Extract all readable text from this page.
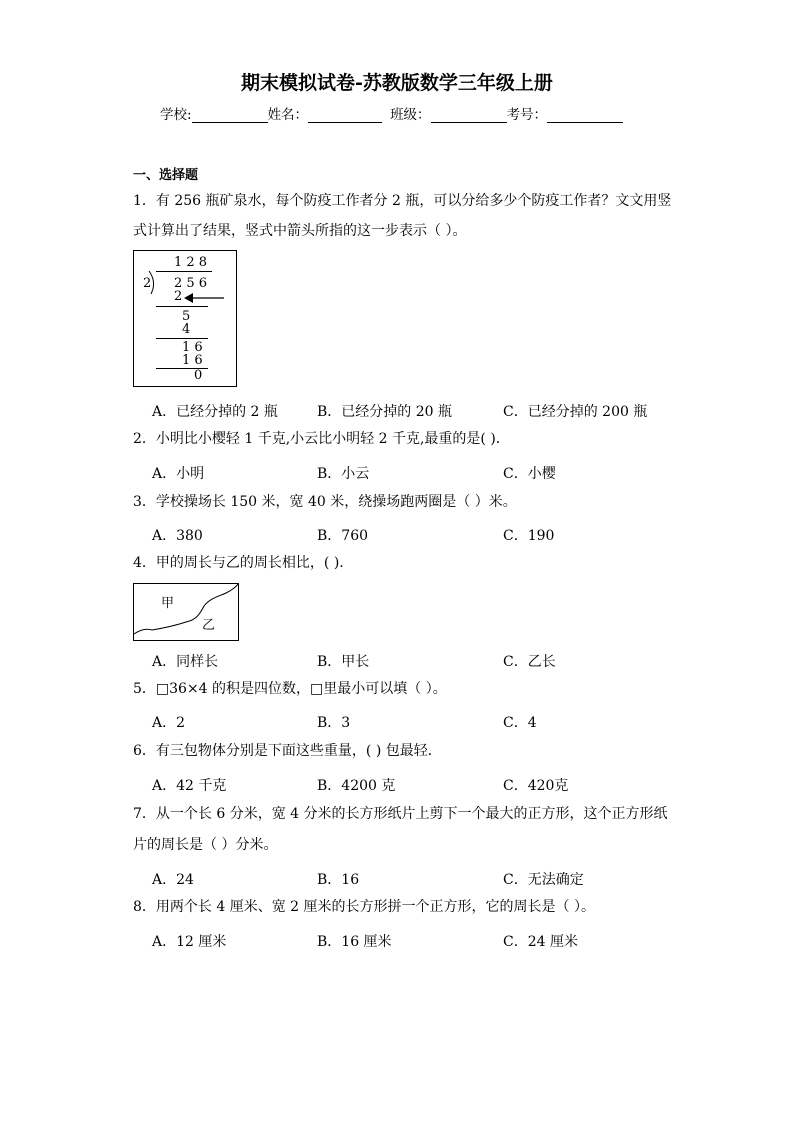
期末模拟试卷-苏教版数学三年级上册
学校:	姓名：	班级：	考号：
一、选择题
1．有 256 瓶矿泉水，每个防疫工作者分 2 瓶，可以分给多少个防疫工作者？文文用竖
式计算出了结果，竖式中箭头所指的这一步表示（ ）。
1 2 8
2 2 5 6
2
5
4
1 6
1 6
0
A．已经分掉的 2 瓶	B．已经分掉的 20 瓶	C．已经分掉的 200 瓶
2．小明比小樱轻 1 千克,小云比小明轻 2 千克,最重的是( ).
A．小明	B．小云	C．小樱
3．学校操场长 150 米，宽 40 米，绕操场跑两圈是（ ）米。
A．380	B．760	C．190
4．甲的周长与乙的周长相比，( ).
甲
乙
A．同样长	B．甲长	C．乙长
5．□36×4 的积是四位数，□里最小可以填（ ）。
A．2	B．3	C．4
6．有三包物体分别是下面这些重量，( ) 包最轻．
A．42 千克	B．4200 克	C．420克
7．从一个长 6 分米，宽 4 分米的长方形纸片上剪下一个最大的正方形，这个正方形纸
片的周长是（ ）分米。
A．24	B．16	C．无法确定
8．用两个长 4 厘米、宽 2 厘米的长方形拼一个正方形，它的周长是（ ）。
A．12 厘米	B．16 厘米	C．24 厘米
